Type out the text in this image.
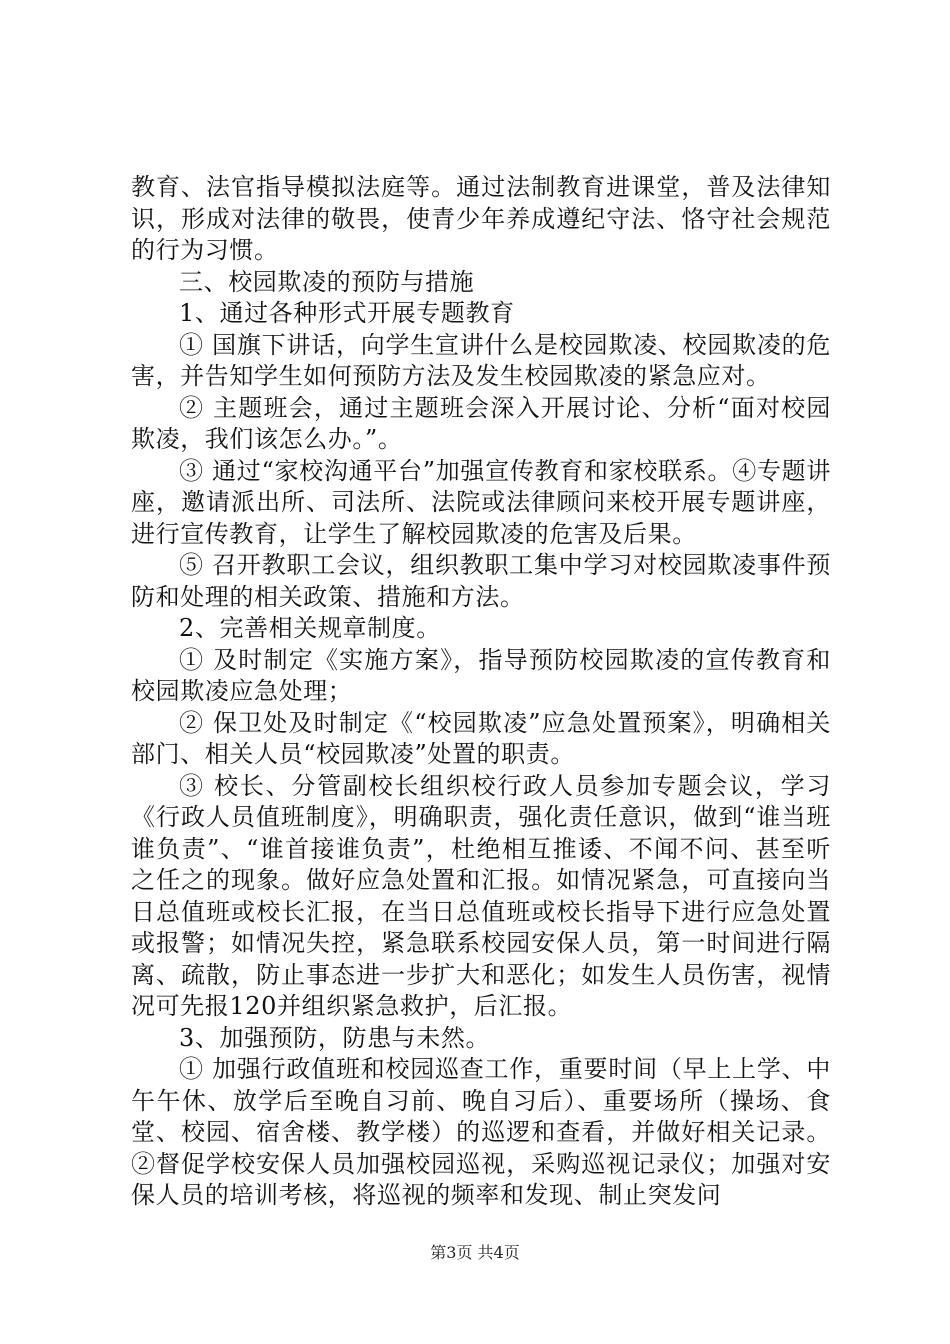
教育、法官指导模拟法庭等。通过法制教育进课堂，普及法律知识，形成对法律的敬畏，使青少年养成遵纪守法、恪守社会规范的行为习惯。

三、校园欺凌的预防与措施

1、通过各种形式开展专题教育

① 国旗下讲话，向学生宣讲什么是校园欺凌、校园欺凌的危害，并告知学生如何预防方法及发生校园欺凌的紧急应对。

② 主题班会，通过主题班会深入开展讨论、分析“面对校园欺凌，我们该怎么办。”。

③ 通过“家校沟通平台”加强宣传教育和家校联系。④专题讲座，邀请派出所、司法所、法院或法律顾问来校开展专题讲座，进行宣传教育，让学生了解校园欺凌的危害及后果。

⑤ 召开教职工会议，组织教职工集中学习对校园欺凌事件预防和处理的相关政策、措施和方法。

2、完善相关规章制度。

① 及时制定《实施方案》，指导预防校园欺凌的宣传教育和校园欺凌应急处理；

② 保卫处及时制定《“校园欺凌”应急处置预案》，明确相关部门、相关人员“校园欺凌”处置的职责。

③ 校长、分管副校长组织校行政人员参加专题会议，学习《行政人员值班制度》，明确职责，强化责任意识，做到“谁当班谁负责”、“谁首接谁负责”，杜绝相互推诿、不闻不问、甚至听之任之的现象。做好应急处置和汇报。如情况紧急，可直接向当日总值班或校长汇报，在当日总值班或校长指导下进行应急处置或报警；如情况失控，紧急联系校园安保人员，第一时间进行隔离、疏散，防止事态进一步扩大和恶化；如发生人员伤害，视情况可先报120并组织紧急救护，后汇报。

3、加强预防，防患与未然。

① 加强行政值班和校园巡查工作，重要时间（早上上学、中午午休、放学后至晚自习前、晚自习后）、重要场所（操场、食堂、校园、宿舍楼、教学楼）的巡逻和查看，并做好相关记录。②督促学校安保人员加强校园巡视，采购巡视记录仪；加强对安保人员的培训考核，将巡视的频率和发现、制止突发问

第3页 共4页
